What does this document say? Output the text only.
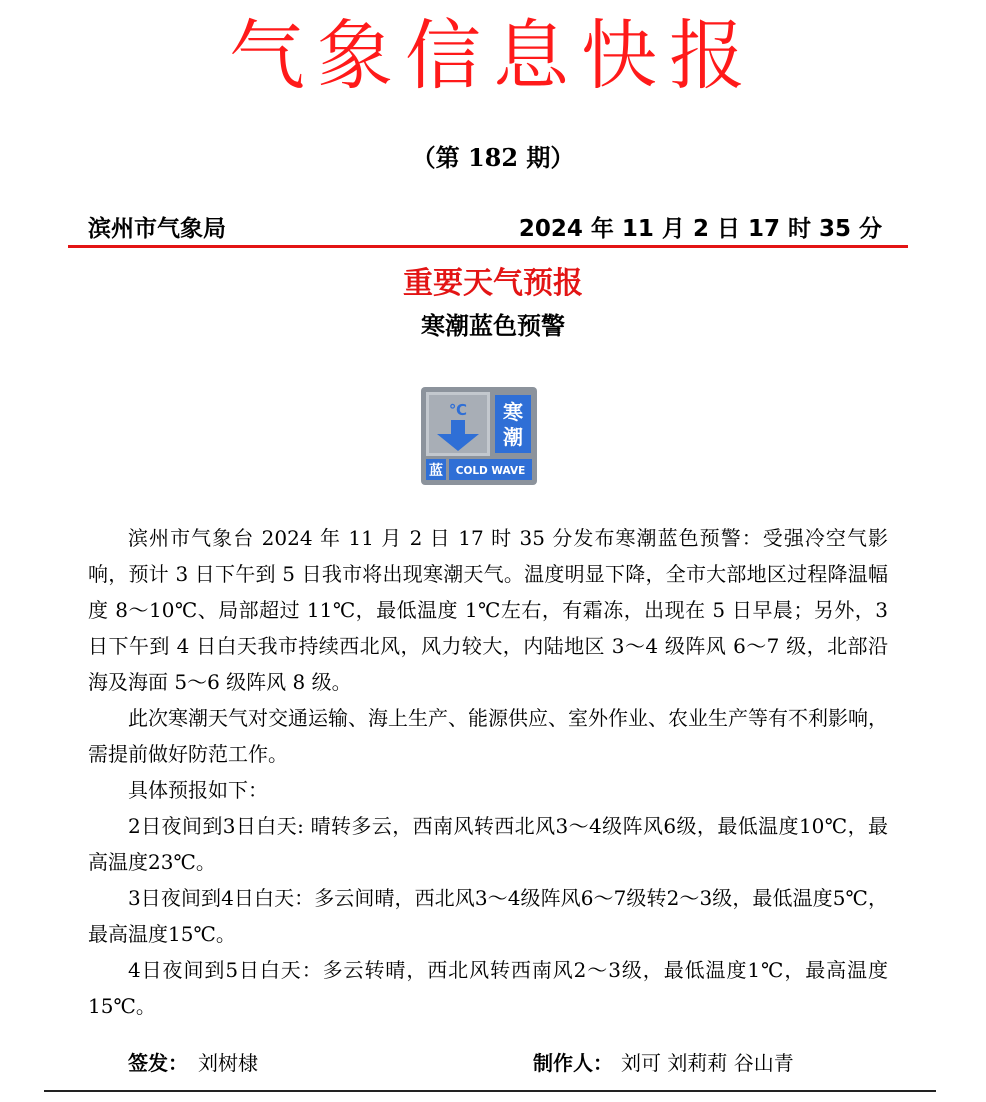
气象信息快报
（第 182 期）
滨州市气象局	2024 年 11 月 2 日 17 时 35 分
重要天气预报
寒潮蓝色预警
℃ 寒
潮
蓝 COLD WAVE

滨州市气象台 2024 年 11 月 2 日 17 时 35 分发布寒潮蓝色预警：受强冷空气影响，预计 3 日下午到 5 日我市将出现寒潮天气。温度明显下降，全市大部地区过程降温幅度 8～10℃、局部超过 11℃，最低温度 1℃左右，有霜冻，出现在 5 日早晨；另外，3 日下午到 4 日白天我市持续西北风，风力较大，内陆地区 3～4 级阵风 6～7 级，北部沿海及海面 5～6 级阵风 8 级。

此次寒潮天气对交通运输、海上生产、能源供应、室外作业、农业生产等有不利影响，需提前做好防范工作。

具体预报如下：

2日夜间到3日白天: 晴转多云，西南风转西北风3～4级阵风6级，最低温度10℃，最高温度23℃。

3日夜间到4日白天：多云间晴，西北风3～4级阵风6～7级转2～3级，最低温度5℃，最高温度15℃。

4日夜间到5日白天：多云转晴，西北风转西南风2～3级，最低温度1℃，最高温度15℃。

签发： 刘树棣	制作人： 刘可 刘莉莉 谷山青
